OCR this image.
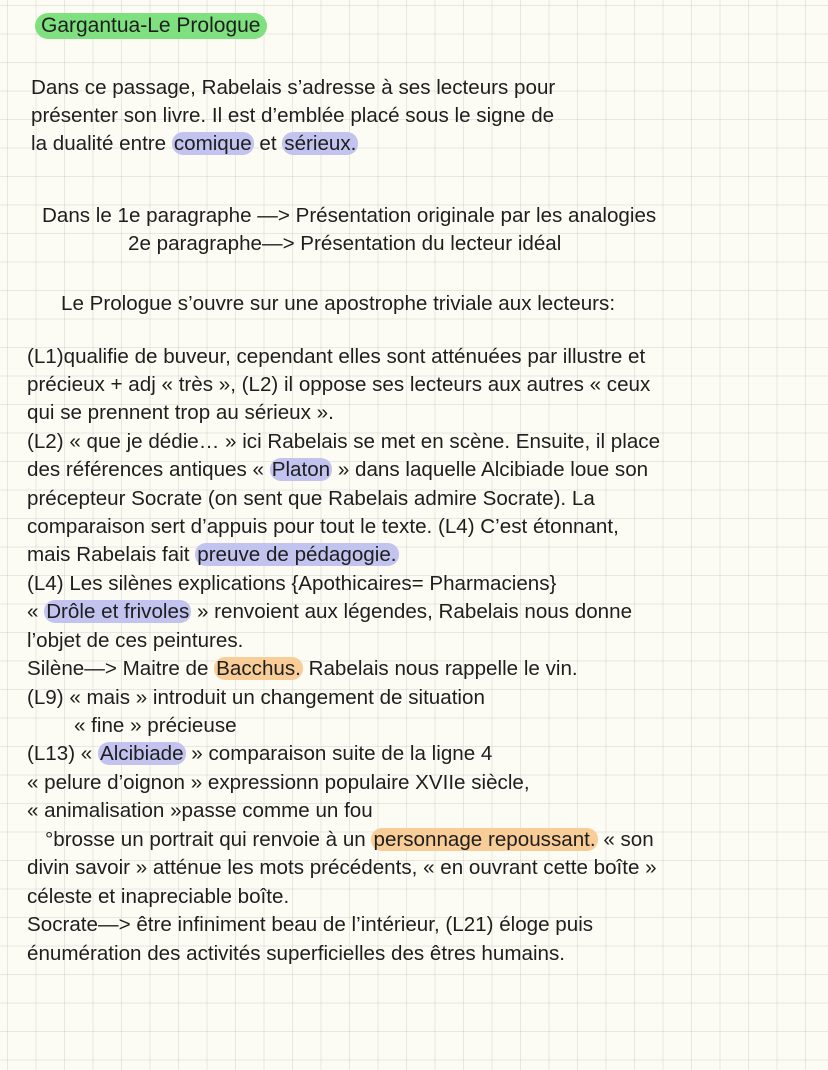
Gargantua-Le Prologue
Dans ce passage, Rabelais s’adresse à ses lecteurs pour
présenter son livre. Il est d’emblée placé sous le signe de
la dualité entre comique et sérieux.
Dans le 1e paragraphe —> Présentation originale par les analogies
2e paragraphe—> Présentation du lecteur idéal
Le Prologue s’ouvre sur une apostrophe triviale aux lecteurs:
(L1)qualifie de buveur, cependant elles sont atténuées par illustre et
précieux + adj « très », (L2) il oppose ses lecteurs aux autres « ceux
qui se prennent trop au sérieux ».
(L2) « que je dédie… » ici Rabelais se met en scène. Ensuite, il place
des références antiques « Platon » dans laquelle Alcibiade loue son
précepteur Socrate (on sent que Rabelais admire Socrate). La
comparaison sert d’appuis pour tout le texte. (L4) C’est étonnant,
mais Rabelais fait preuve de pédagogie.
(L4) Les silènes explications {Apothicaires= Pharmaciens}
« Drôle et frivoles » renvoient aux légendes, Rabelais nous donne
l’objet de ces peintures.
Silène—> Maitre de Bacchus. Rabelais nous rappelle le vin.
(L9) « mais » introduit un changement de situation
« fine » précieuse
(L13) « Alcibiade » comparaison suite de la ligne 4
« pelure d’oignon » expressionn populaire XVIIe siècle,
« animalisation »passe comme un fou
°brosse un portrait qui renvoie à un personnage repoussant. « son
divin savoir » atténue les mots précédents, « en ouvrant cette boîte »
céleste et inapreciable boîte.
Socrate—> être infiniment beau de l’intérieur, (L21) éloge puis
énumération des activités superficielles des êtres humains.
